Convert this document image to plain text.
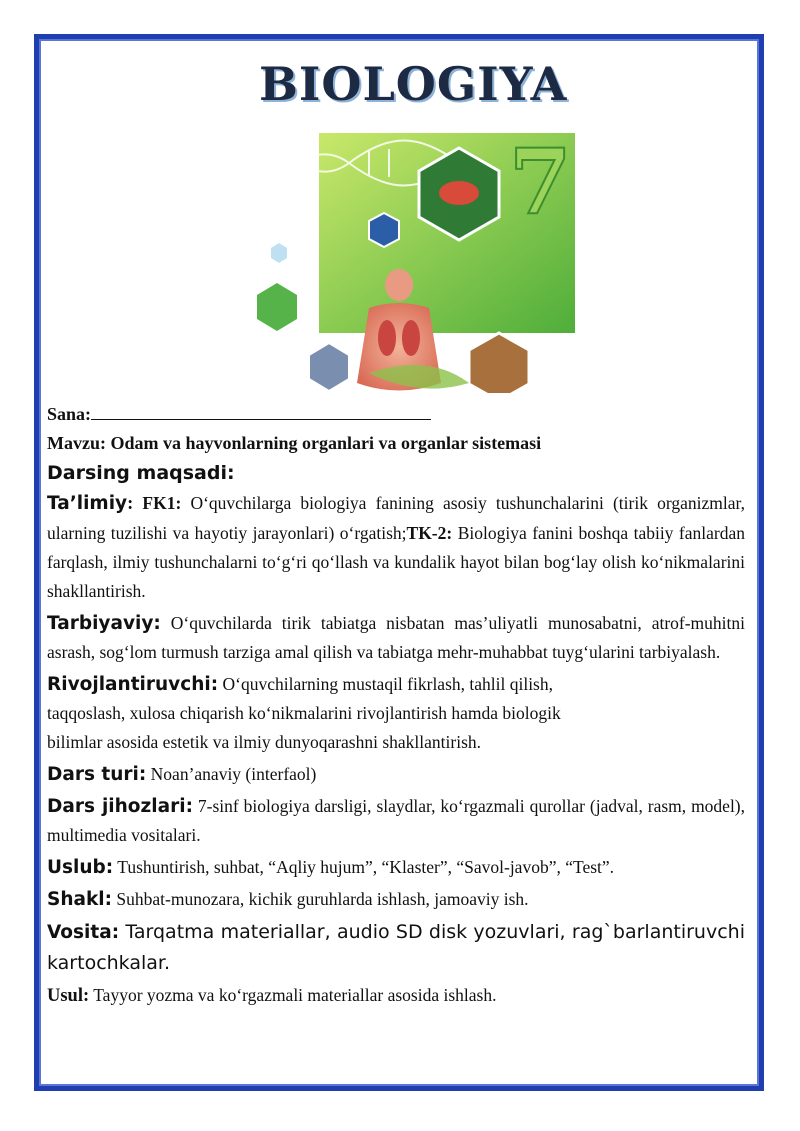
7
BIOLOGIYA
Sana:
Mavzu: Odam va hayvonlarning organlari va organlar sistemasi
Darsing maqsadi:
Ta’limiy: FK1: O‘quvchilarga biologiya fanining asosiy tushunchalarini (tirik organizmlar, ularning tuzilishi va hayotiy jarayonlari) o‘rgatish;TK-2: Biologiya fanini boshqa tabiiy fanlardan farqlash, ilmiy tushunchalarni to‘g‘ri qo‘llash va kundalik hayot bilan bog‘lay olish ko‘nikmalarini shakllantirish.
Tarbiyaviy: O‘quvchilarda tirik tabiatga nisbatan mas’uliyatli munosabatni, atrof-muhitni asrash, sog‘lom turmush tarziga amal qilish va tabiatga mehr-muhabbat tuyg‘ularini tarbiyalash.
Rivojlantiruvchi: O‘quvchilarning mustaqil fikrlash, tahlil qilish,
taqqoslash, xulosa chiqarish ko‘nikmalarini rivojlantirish hamda biologik
bilimlar asosida estetik va ilmiy dunyoqarashni shakllantirish.
Dars turi: Noan’anaviy (interfaol)
Dars jihozlari: 7-sinf biologiya darsligi, slaydlar, ko‘rgazmali qurollar (jadval, rasm, model), multimedia vositalari.
Uslub: Tushuntirish, suhbat, “Aqliy hujum”, “Klaster”, “Savol-javob”, “Test”.
Shakl: Suhbat-munozara, kichik guruhlarda ishlash, jamoaviy ish.
Vosita: Tarqatma materiallar, audio SD disk yozuvlari, rag`barlantiruvchi kartochkalar.
Usul: Tayyor yozma va ko‘rgazmali materiallar asosida ishlash.
